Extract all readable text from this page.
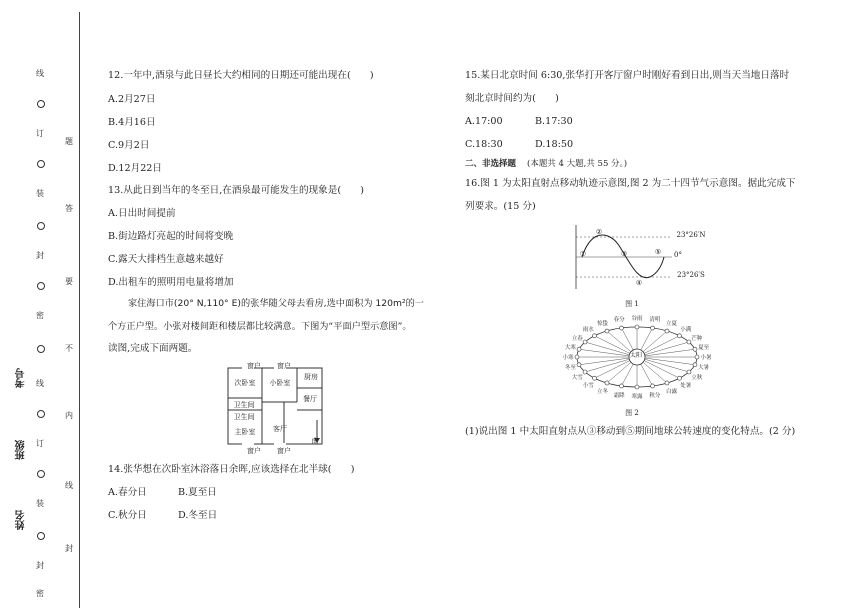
线
订
装
封
密
线
订
装
封
密
题
答
要
不
内
线
封
考号
班级
姓名
12.一年中,酒泉与此日昼长大约相同的日期还可能出现在(　　)
A.2月27日
B.4月16日
C.9月2日
D.12月22日
13.从此日到当年的冬至日,在酒泉最可能发生的现象是(　　)
A.日出时间提前
B.街边路灯亮起的时间将变晚
C.露天大排档生意越来越好
D.出租车的照明用电量将增加
家住海口市(20° N,110° E)的张华随父母去看房,选中面积为 120m²的一
个方正户型。小张对楼间距和楼层都比较满意。下图为“平面户型示意图”。
读图,完成下面两题。
窗户	窗户
次卧室	小卧室
厨房
卫生间
卫生间
主卧室	客厅
餐厅
窗户	窗户
南
14.张华想在次卧室沐浴落日余晖,应该选择在北半球(　　)
A.春分日	B.夏至日
C.秋分日	D.冬至日
15.某日北京时间 6:30,张华打开客厅窗户时刚好看到日出,则当天当地日落时
刻北京时间约为(　　)
A.17:00	B.17:30
C.18:30	D.18:50
二、非选择题 (本题共 4 大题,共 55 分。)
16.图 1 为太阳直射点移动轨迹示意图,图 2 为二十四节气示意图。据此完成下
列要求。(15 分)
23°26′N
0°
23°26′S
①
②
③
④
⑤
图 1
太阳
清明
谷雨
春分
惊蛰
雨水
立春
大寒
小寒
冬至
大雪
小雪
立冬
霜降	寒露	秋分
白露
处暑
立秋
大暑
小暑
夏至
芒种
小满
立夏
图 2
(1)说出图 1 中太阳直射点从③移动到⑤期间地球公转速度的变化特点。(2 分)
